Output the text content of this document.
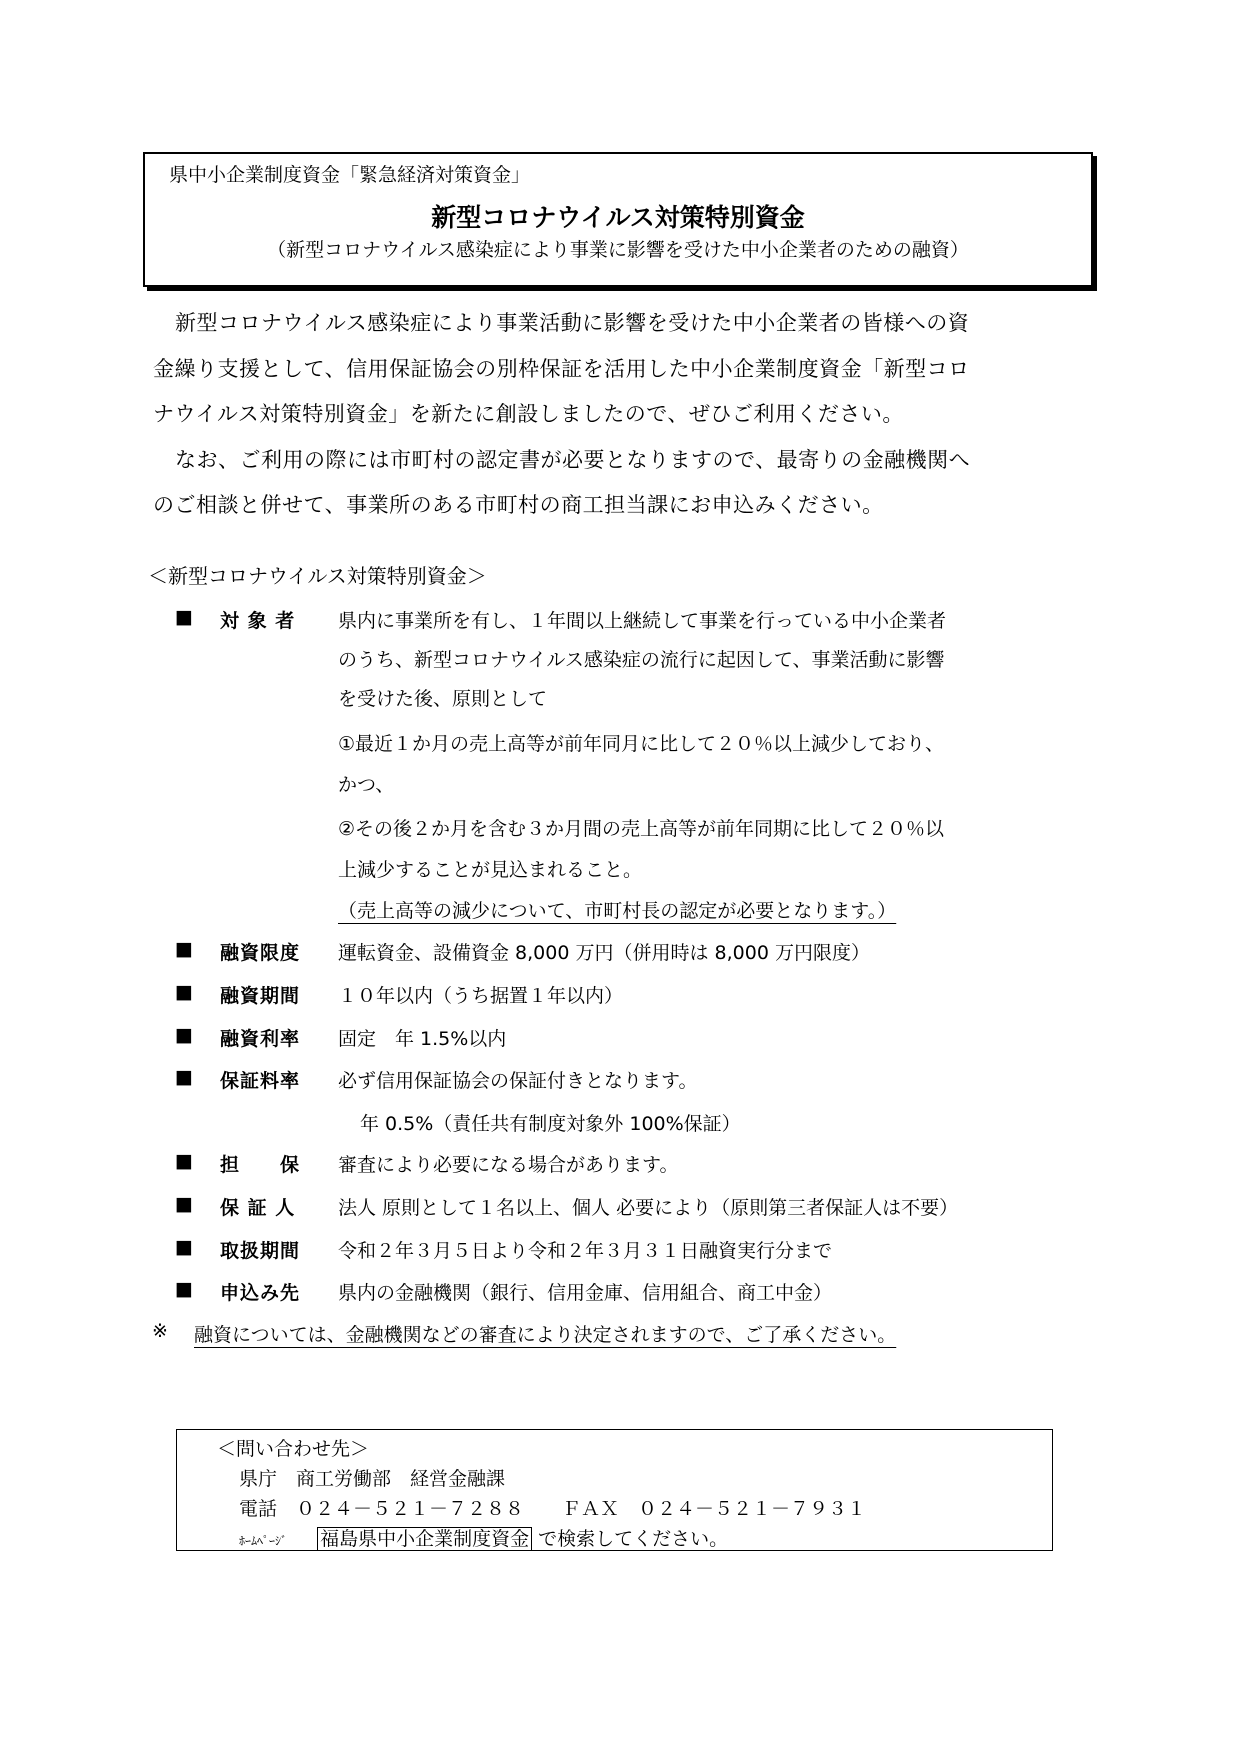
県中小企業制度資金「緊急経済対策資金」
新型コロナウイルス対策特別資金
（新型コロナウイルス感染症により事業に影響を受けた中小企業者のための融資）
新型コロナウイルス感染症により事業活動に影響を受けた中小企業者の皆様への資
金繰り支援として、信用保証協会の別枠保証を活用した中小企業制度資金「新型コロ
ナウイルス対策特別資金」を新たに創設しましたので、ぜひご利用ください。
なお、ご利用の際には市町村の認定書が必要となりますので、最寄りの金融機関へ
のご相談と併せて、事業所のある市町村の商工担当課にお申込みください。
＜新型コロナウイルス対策特別資金＞
■ 対 象 者 県内に事業所を有し、１年間以上継続して事業を行っている中小企業者
のうち、新型コロナウイルス感染症の流行に起因して、事業活動に影響
を受けた後、原則として
①最近１か月の売上高等が前年同月に比して２０％以上減少しており、
かつ、
②その後２か月を含む３か月間の売上高等が前年同期に比して２０％以
上減少することが見込まれること。
（売上高等の減少について、市町村長の認定が必要となります。）
■ 融資限度 運転資金、設備資金 8,000 万円（併用時は 8,000 万円限度）
■ 融資期間 １０年以内（うち据置１年以内）
■ 融資利率 固定　年 1.5%以内
■ 保証料率 必ず信用保証協会の保証付きとなります。
年 0.5%（責任共有制度対象外 100%保証）
■ 担　　保 審査により必要になる場合があります。
■ 保 証 人 法人 原則として１名以上、個人 必要により（原則第三者保証人は不要）
■ 取扱期間 令和２年３月５日より令和２年３月３１日融資実行分まで
■ 申込み先 県内の金融機関（銀行、信用金庫、信用組合、商工中金）
※ 融資については、金融機関などの審査により決定されますので、ご了承ください。
＜問い合わせ先＞
県庁　商工労働部　経営金融課
電話　０２４－５２１－７２８８　　ＦＡＸ　０２４－５２１－７９３１
ﾎｰﾑﾍﾟｰｼﾞ 福島県中小企業制度資金 で検索してください。
